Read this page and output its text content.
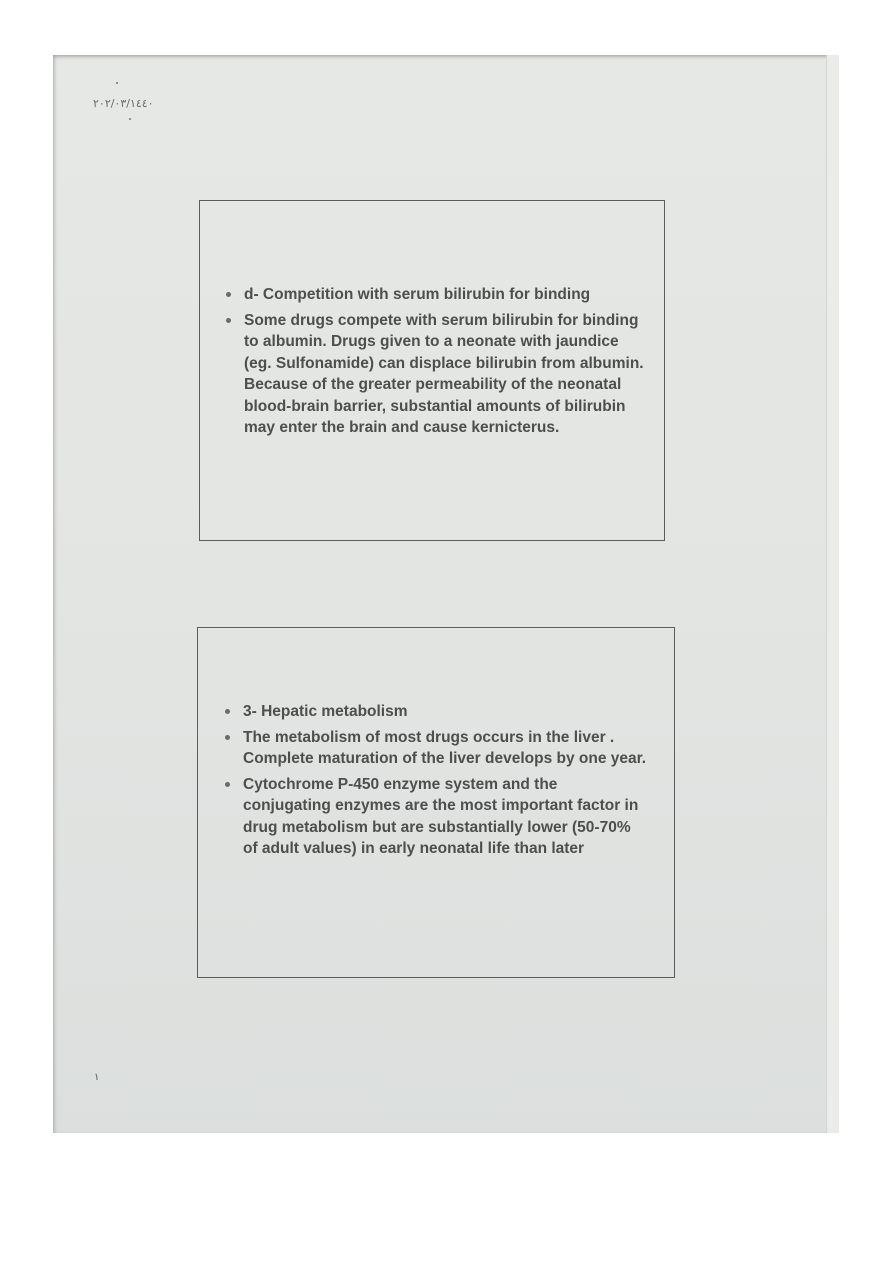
٢٠٢/٠٣/١٤٤٠
١
d- Competition with serum bilirubin for binding
Some drugs compete with serum bilirubin for binding to albumin. Drugs given to a neonate with jaundice (eg. Sulfonamide) can displace bilirubin from albumin. Because of the greater permeability of the neonatal blood-brain barrier, substantial amounts of bilirubin may enter the brain and cause kernicterus.
3- Hepatic metabolism
The metabolism of most drugs occurs in the liver . Complete maturation of the liver develops by one year.
Cytochrome P-450 enzyme system and the conjugating enzymes are the most important factor in drug metabolism but are substantially lower (50-70% of adult values) in early neonatal life than later
